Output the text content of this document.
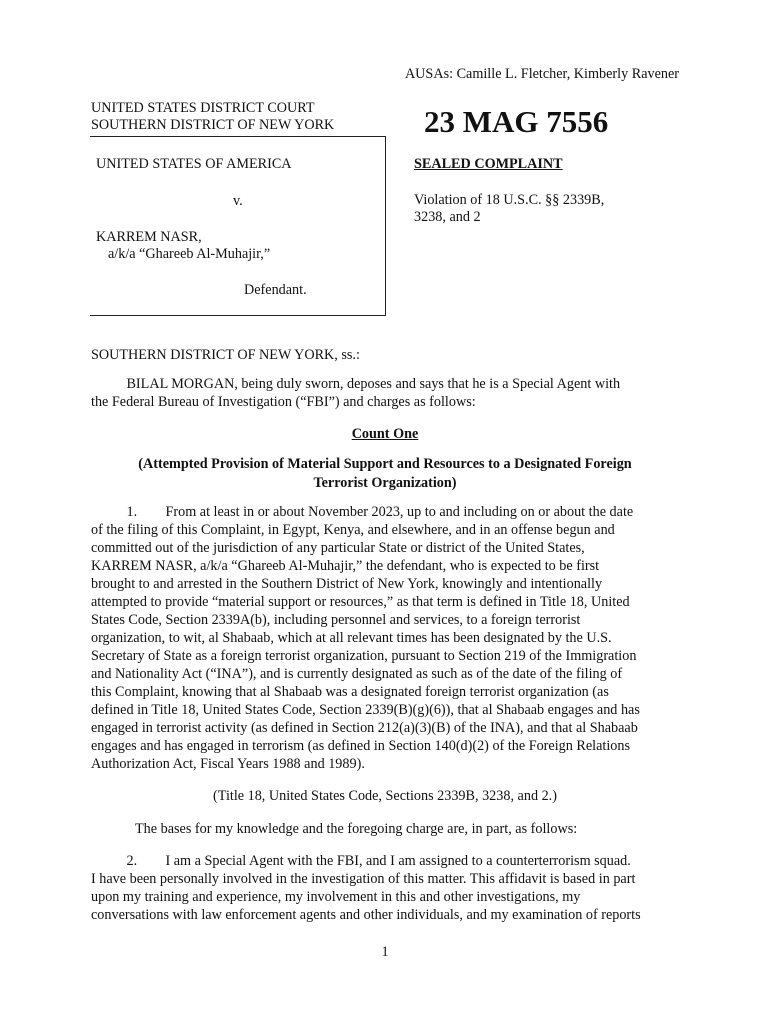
AUSAs: Camille L. Fletcher, Kimberly Ravener
UNITED STATES DISTRICT COURT
SOUTHERN DISTRICT OF NEW YORK	23 MAG 7556
UNITED STATES OF AMERICA
v.
KARREM NASR,
a/k/a “Ghareeb Al-Muhajir,”
Defendant.
SEALED COMPLAINT
Violation of 18 U.S.C. §§ 2339B,
3238, and 2
SOUTHERN DISTRICT OF NEW YORK, ss.:
BILAL MORGAN, being duly sworn, deposes and says that he is a Special Agent with
the Federal Bureau of Investigation (“FBI”) and charges as follows:
Count One
(Attempted Provision of Material Support and Resources to a Designated Foreign
Terrorist Organization)
1.        From at least in or about November 2023, up to and including on or about the date
of the filing of this Complaint, in Egypt, Kenya, and elsewhere, and in an offense begun and
committed out of the jurisdiction of any particular State or district of the United States,
KARREM NASR, a/k/a “Ghareeb Al-Muhajir,” the defendant, who is expected to be first
brought to and arrested in the Southern District of New York, knowingly and intentionally
attempted to provide “material support or resources,” as that term is defined in Title 18, United
States Code, Section 2339A(b), including personnel and services, to a foreign terrorist
organization, to wit, al Shabaab, which at all relevant times has been designated by the U.S.
Secretary of State as a foreign terrorist organization, pursuant to Section 219 of the Immigration
and Nationality Act (“INA”), and is currently designated as such as of the date of the filing of
this Complaint, knowing that al Shabaab was a designated foreign terrorist organization (as
defined in Title 18, United States Code, Section 2339(B)(g)(6)), that al Shabaab engages and has
engaged in terrorist activity (as defined in Section 212(a)(3)(B) of the INA), and that al Shabaab
engages and has engaged in terrorism (as defined in Section 140(d)(2) of the Foreign Relations
Authorization Act, Fiscal Years 1988 and 1989).
(Title 18, United States Code, Sections 2339B, 3238, and 2.)
The bases for my knowledge and the foregoing charge are, in part, as follows:
2.        I am a Special Agent with the FBI, and I am assigned to a counterterrorism squad.
I have been personally involved in the investigation of this matter. This affidavit is based in part
upon my training and experience, my involvement in this and other investigations, my
conversations with law enforcement agents and other individuals, and my examination of reports
1
